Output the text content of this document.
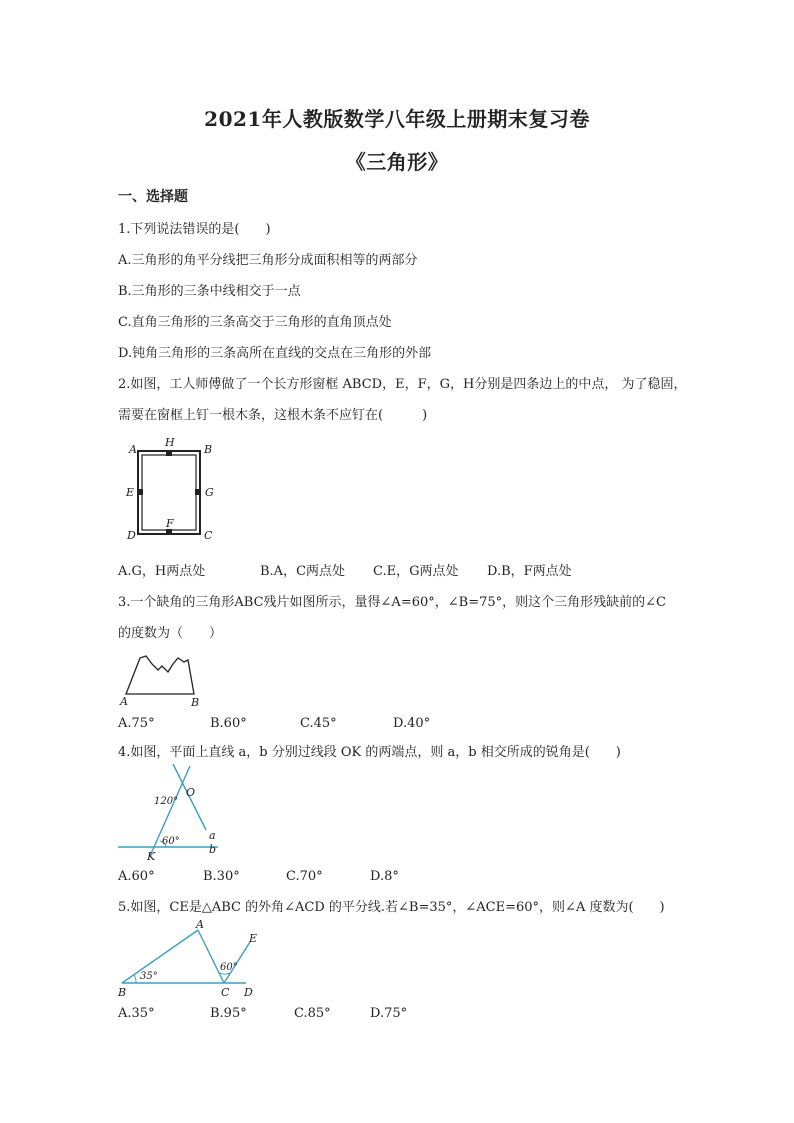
2021年人教版数学八年级上册期末复习卷
《三角形》
一、选择题
1.下列说法错误的是(　　)
A.三角形的角平分线把三角形分成面积相等的两部分
B.三角形的三条中线相交于一点
C.直角三角形的三条高交于三角形的直角顶点处
D.钝角三角形的三条高所在直线的交点在三角形的外部
2.如图，工人师傅做了一个长方形窗框 ABCD，E，F，G，H分别是四条边上的中点， 为了稳固，
需要在窗框上钉一根木条，这根木条不应钉在(　　　)
A
H
B
E	G
D
F
C
A.G，H两点处	B.A，C两点处 C.E，G两点处 D.B，F两点处
3.一个缺角的三角形ABC残片如图所示，量得∠A=60°，∠B=75°，则这个三角形残缺前的∠C
的度数为（　　）
A	B
A.75°	B.60°	C.45°	D.40°
4.如图，平面上直线 a，b 分别过线段 OK 的两端点，则 a，b 相交所成的锐角是(　　)
120°
O
60°	a
K
b
A.60°	B.30°	C.70°	D.8°
5.如图，CE是△ABC 的外角∠ACD 的平分线.若∠B=35°，∠ACE=60°，则∠A 度数为(　　)
A
E
60°
35°
B	C D
A.35°	B.95°	C.85°	D.75°
